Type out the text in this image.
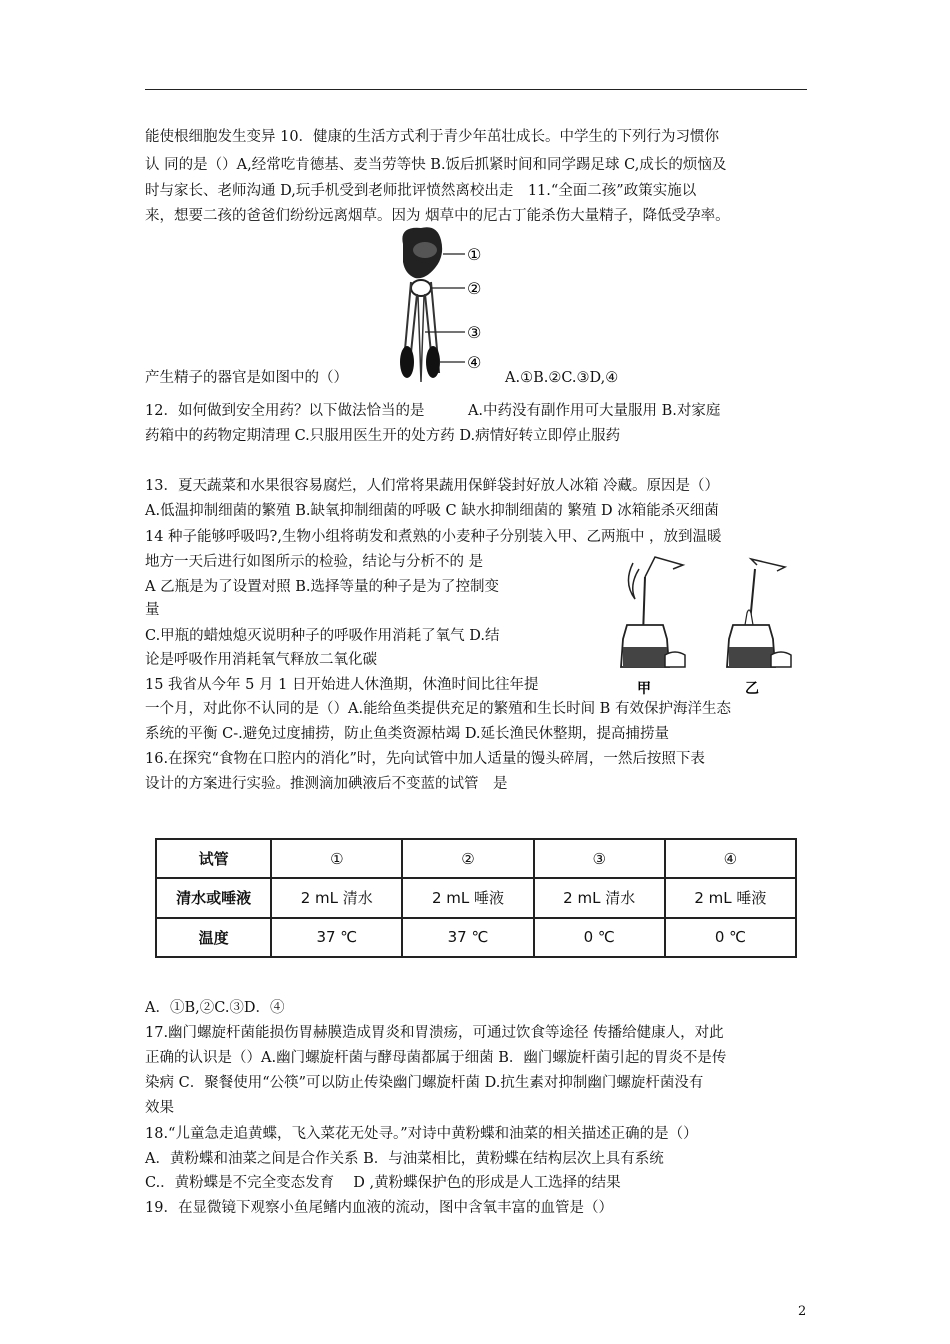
能使根细胞发生变异 10．健康的生活方式利于青少年茁壮成长。中学生的下列行为习惯你
认 同的是（）A,经常吃肯德基、麦当劳等快 B.饭后抓紧时间和同学踢足球 C,成长的烦恼及
时与家长、老师沟通 D,玩手机受到老师批评愤然离校出走　11.“全面二孩”政策实施以
来，想要二孩的爸爸们纷纷远离烟草。因为 烟草中的尼古丁能杀伤大量精子，降低受孕率。
①
②
③
④
产生精子的器官是如图中的（）	A.①B.②C.③D,④
12．如何做到安全用药？以下做法恰当的是　　　A.中药没有副作用可大量服用 B.对家庭
药箱中的药物定期清理 C.只服用医生开的处方药 D.病情好转立即停止服药
13．夏天蔬菜和水果很容易腐烂，人们常将果蔬用保鲜袋封好放人冰箱 冷藏。原因是（）
A.低温抑制细菌的繁殖 B.缺氧抑制细菌的呼吸 C 缺水抑制细菌的 繁殖 D 冰箱能杀灭细菌
14 种子能够呼吸吗?,生物小组将萌发和煮熟的小麦种子分别装入甲、乙两瓶中 ，放到温暖
地方一天后进行如图所示的检验，结论与分析不的 是
A 乙瓶是为了设置对照 B.选择等量的种子是为了控制变
量
C.甲瓶的蜡烛熄灭说明种子的呼吸作用消耗了氧气 D.结
论是呼吸作用消耗氧气释放二氧化碳
15 我省从今年 5 月 1 日开始进人休渔期，休渔时间比往年提	甲	乙
一个月，对此你不认同的是（）A.能给鱼类提供充足的繁殖和生长时间 B 有效保护海洋生态
系统的平衡 C-.避免过度捕捞，防止鱼类资源枯竭 D.延长渔民休整期，提高捕捞量
16.在探究“食物在口腔内的消化”时，先向试管中加人适量的馒头碎屑，一然后按照下表
设计的方案进行实验。推测滴加碘液后不变蓝的试管　是
试管	①	②	③	④
清水或唾液	2 mL 清水	2 mL 唾液	2 mL 清水	2 mL 唾液
温度	37 ℃	37 ℃	0 ℃	0 ℃
A．①B,②C.③D．④
17.幽门螺旋杆菌能损伤胃赫膜造成胃炎和胃溃疡，可通过饮食等途径 传播给健康人，对此
正确的认识是（）A.幽门螺旋杆菌与酵母菌都属于细菌 B．幽门螺旋杆菌引起的胃炎不是传
染病 C．聚餐使用“公筷”可以防止传染幽门螺旋杆菌 D.抗生素对抑制幽门螺旋杆菌没有
效果
18.“儿童急走追黄蝶，飞入菜花无处寻。”对诗中黄粉蝶和油菜的相关描述正确的是（）
A．黄粉蝶和油菜之间是合作关系 B．与油菜相比，黄粉蝶在结构层次上具有系统
C.．黄粉蝶是不完全变态发育　 D ,黄粉蝶保护色的形成是人工选择的结果
19．在显微镜下观察小鱼尾鳍内血液的流动，图中含氧丰富的血管是（）
2
